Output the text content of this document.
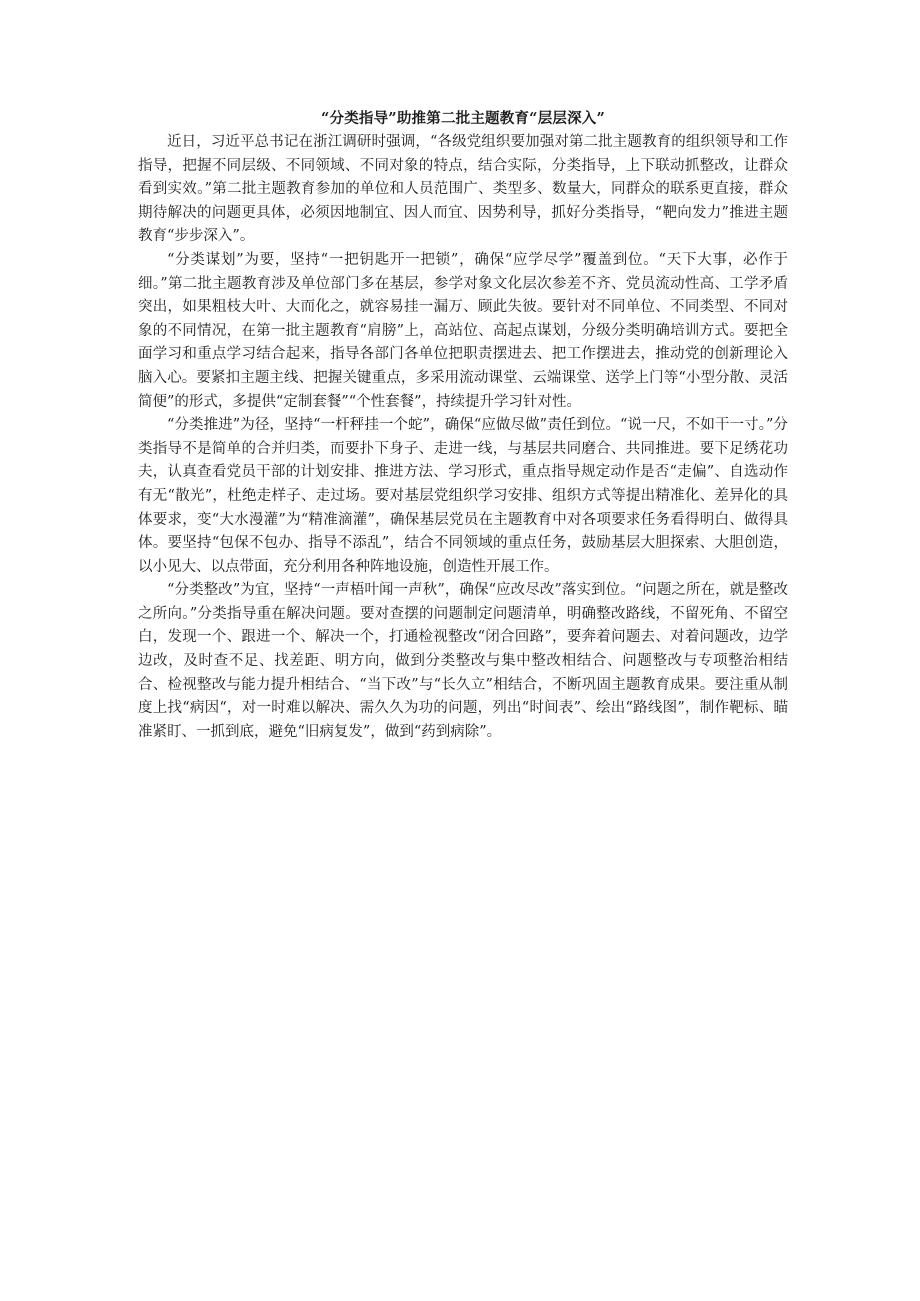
“分类指导”助推第二批主题教育“层层深入”

近日，习近平总书记在浙江调研时强调，“各级党组织要加强对第二批主题教育的组织领导和工作指导，把握不同层级、不同领域、不同对象的特点，结合实际，分类指导，上下联动抓整改，让群众看到实效。”第二批主题教育参加的单位和人员范围广、类型多、数量大，同群众的联系更直接，群众期待解决的问题更具体，必须因地制宜、因人而宜、因势利导，抓好分类指导，“靶向发力”推进主题教育“步步深入”。

“分类谋划”为要，坚持“一把钥匙开一把锁”，确保“应学尽学”覆盖到位。“天下大事，必作于细。”第二批主题教育涉及单位部门多在基层，参学对象文化层次参差不齐、党员流动性高、工学矛盾突出，如果粗枝大叶、大而化之，就容易挂一漏万、顾此失彼。要针对不同单位、不同类型、不同对象的不同情况，在第一批主题教育“肩膀”上，高站位、高起点谋划，分级分类明确培训方式。要把全面学习和重点学习结合起来，指导各部门各单位把职责摆进去、把工作摆进去，推动党的创新理论入脑入心。要紧扣主题主线、把握关键重点，多采用流动课堂、云端课堂、送学上门等“小型分散、灵活简便”的形式，多提供“定制套餐”“个性套餐”，持续提升学习针对性。

“分类推进”为径，坚持“一杆秤挂一个蛇”，确保“应做尽做”责任到位。“说一尺，不如干一寸。”分类指导不是简单的合并归类，而要扑下身子、走进一线，与基层共同磨合、共同推进。要下足绣花功夫，认真查看党员干部的计划安排、推进方法、学习形式，重点指导规定动作是否“走偏”、自选动作有无“散光”，杜绝走样子、走过场。要对基层党组织学习安排、组织方式等提出精准化、差异化的具体要求，变“大水漫灌”为“精准滴灌”，确保基层党员在主题教育中对各项要求任务看得明白、做得具体。要坚持“包保不包办、指导不添乱”，结合不同领域的重点任务，鼓励基层大胆探索、大胆创造，以小见大、以点带面，充分利用各种阵地设施，创造性开展工作。

“分类整改”为宜，坚持“一声梧叶闻一声秋”，确保“应改尽改”落实到位。“问题之所在，就是整改之所向。”分类指导重在解决问题。要对查摆的问题制定问题清单，明确整改路线，不留死角、不留空白，发现一个、跟进一个、解决一个，打通检视整改“闭合回路”，要奔着问题去、对着问题改，边学边改，及时查不足、找差距、明方向，做到分类整改与集中整改相结合、问题整改与专项整治相结合、检视整改与能力提升相结合、“当下改”与“长久立”相结合，不断巩固主题教育成果。要注重从制度上找“病因“，对一时难以解决、需久久为功的问题，列出“时间表”、绘出“路线图”，制作靶标、瞄准紧盯、一抓到底，避免“旧病复发”，做到“药到病除”。
